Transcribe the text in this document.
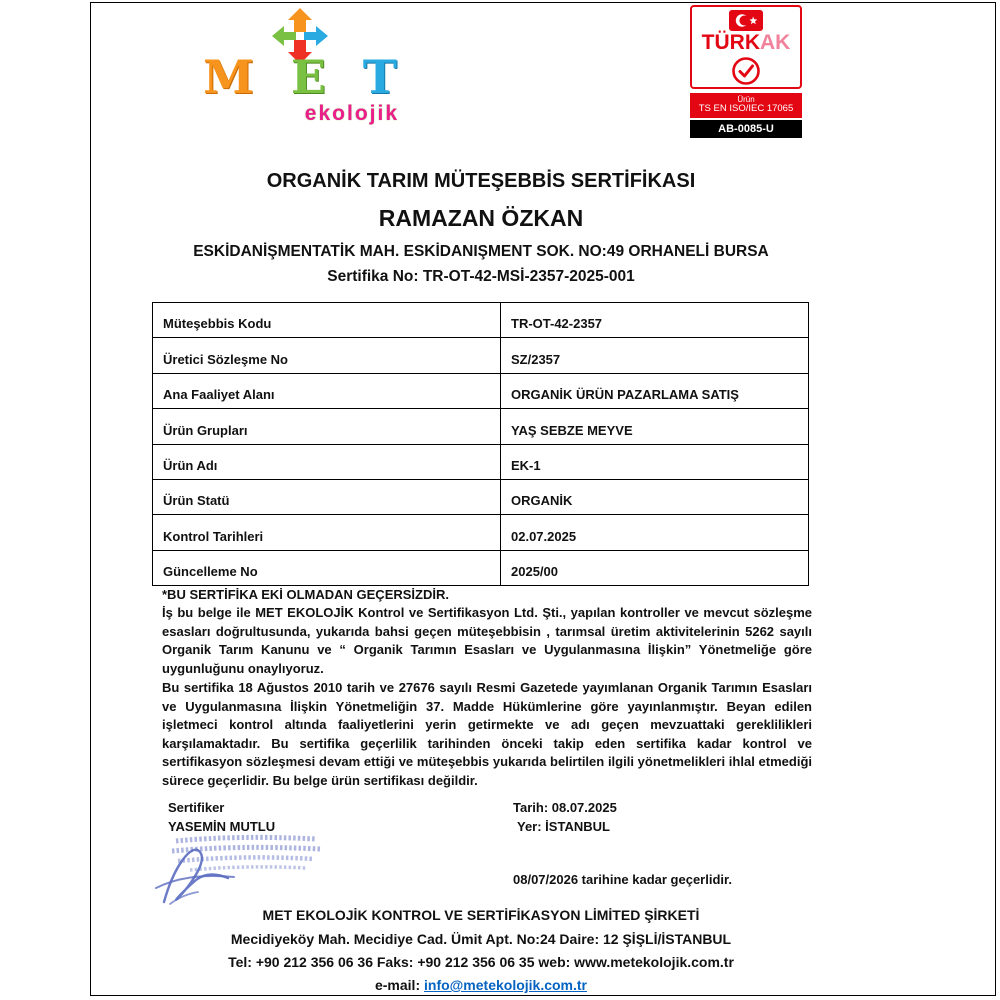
M E T
ekolojik
TÜRKAK
Ürün
TS EN ISO/IEC 17065
AB-0085-U
ORGANİK TARIM MÜTEŞEBBİS SERTİFİKASI
RAMAZAN ÖZKAN
ESKİDANİŞMENTATİK MAH. ESKİDANIŞMENT SOK. NO:49 ORHANELİ BURSA
Sertifika No: TR-OT-42-MSİ-2357-2025-001
Müteşebbis Kodu	TR-OT-42-2357
Üretici Sözleşme No	SZ/2357
Ana Faaliyet Alanı	ORGANİK ÜRÜN PAZARLAMA SATIŞ
Ürün Grupları	YAŞ SEBZE MEYVE
Ürün Adı	EK-1
Ürün Statü	ORGANİK
Kontrol Tarihleri	02.07.2025
Güncelleme No	2025/00
*BU SERTİFİKA EKİ OLMADAN GEÇERSİZDİR.
İş bu belge ile MET EKOLOJİK Kontrol ve Sertifikasyon Ltd. Şti., yapılan kontroller ve mevcut sözleşme esasları doğrultusunda, yukarıda bahsi geçen müteşebbisin , tarımsal üretim aktivitelerinin 5262 sayılı Organik Tarım Kanunu ve “ Organik Tarımın Esasları ve Uygulanmasına İlişkin” Yönetmeliğe göre uygunluğunu onaylıyoruz.
Bu sertifika 18 Ağustos 2010 tarih ve 27676 sayılı Resmi Gazetede yayımlanan Organik Tarımın Esasları ve Uygulanmasına İlişkin Yönetmeliğin 37. Madde Hükümlerine göre yayınlanmıştır. Beyan edilen işletmeci kontrol altında faaliyetlerini yerin getirmekte ve adı geçen mevzuattaki gereklilikleri karşılamaktadır. Bu sertifika geçerlilik tarihinden önceki takip eden sertifika kadar kontrol ve sertifikasyon sözleşmesi devam ettiği ve müteşebbis yukarıda belirtilen ilgili yönetmelikleri ihlal etmediği sürece geçerlidir. Bu belge ürün sertifikası değildir.
Sertifiker
YASEMİN MUTLU
Tarih: 08.07.2025
Yer: İSTANBUL
08/07/2026 tarihine kadar geçerlidir.
MET EKOLOJİK KONTROL VE SERTİFİKASYON LİMİTED ŞİRKETİ
Mecidiyeköy Mah. Mecidiye Cad. Ümit Apt. No:24 Daire: 12 ŞİŞLİ/İSTANBUL
Tel: +90 212 356 06 36 Faks: +90 212 356 06 35 web: www.metekolojik.com.tr
e-mail: info@metekolojik.com.tr
